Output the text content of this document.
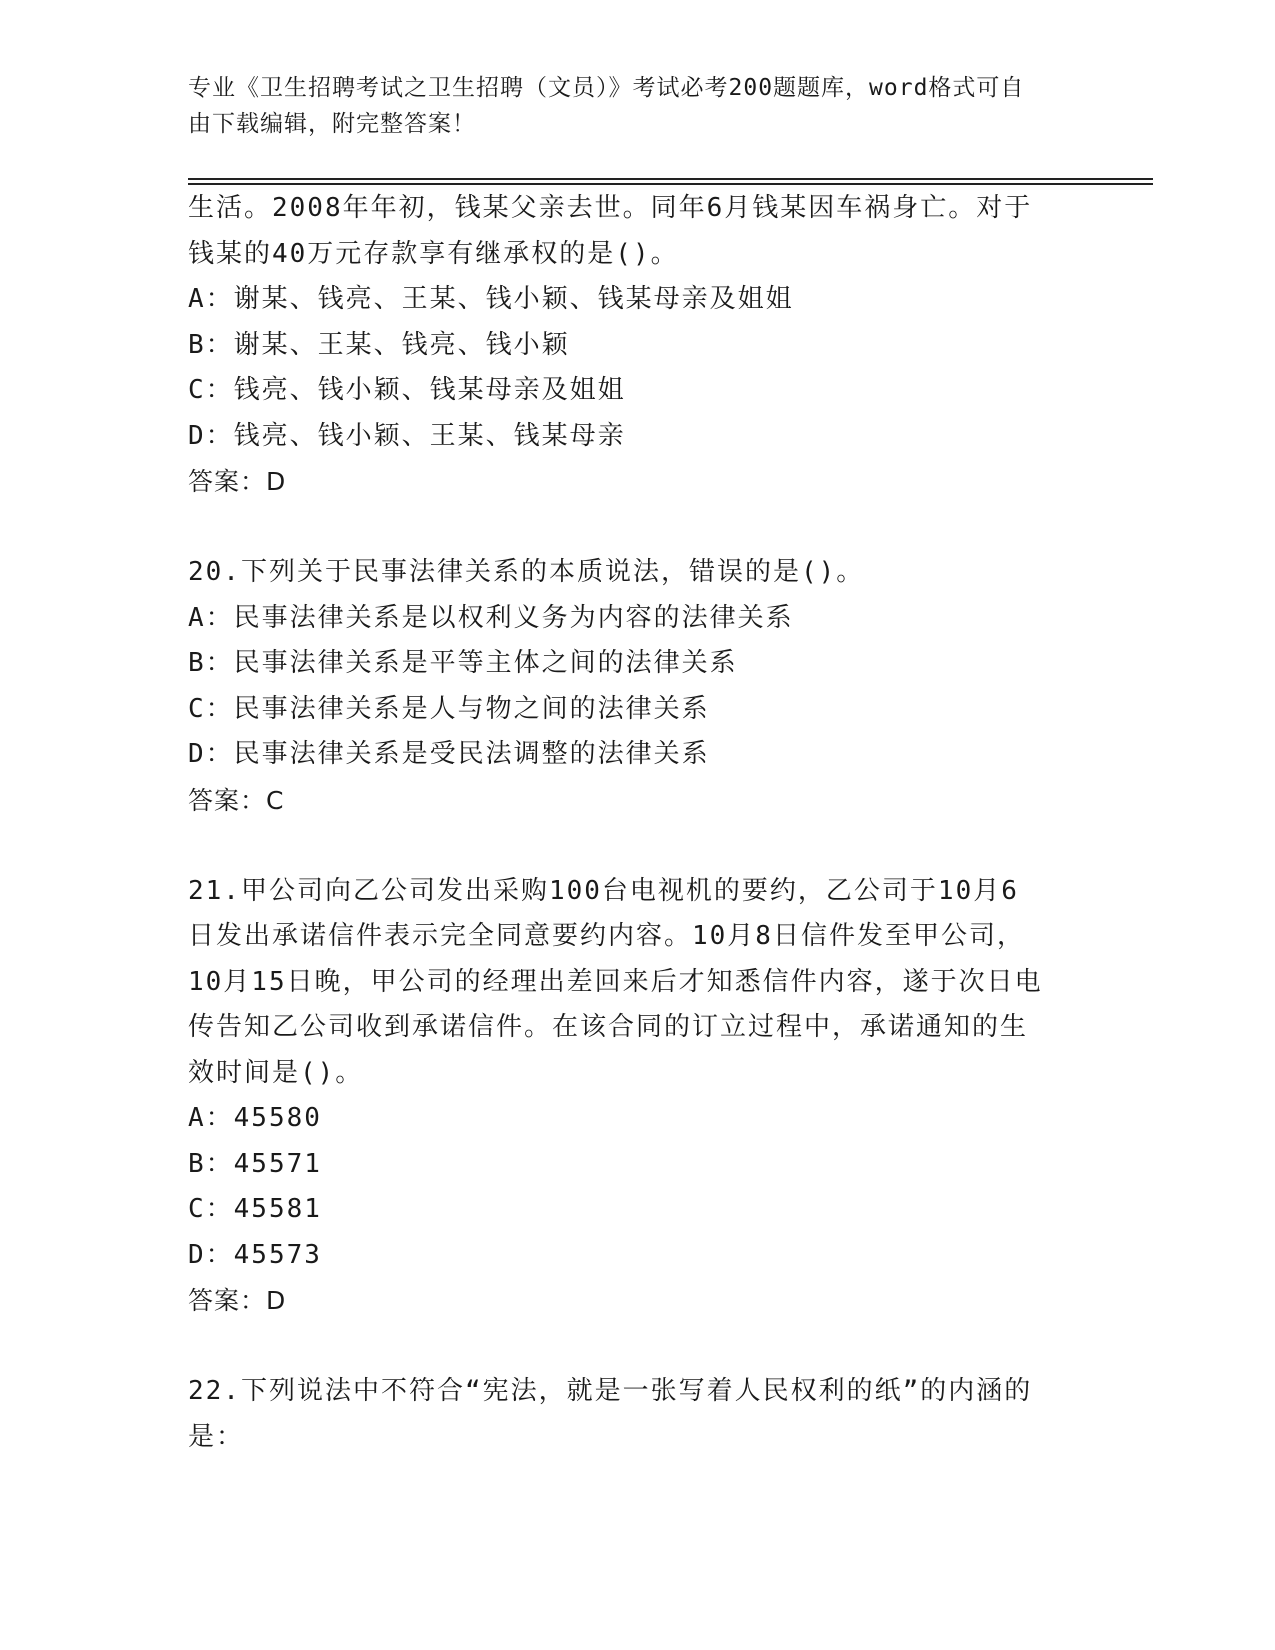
专业《卫生招聘考试之卫生招聘（文员）》考试必考200题题库，word格式可自
由下载编辑，附完整答案！
生活。2008年年初，钱某父亲去世。同年6月钱某因车祸身亡。对于
钱某的40万元存款享有继承权的是()。
A：谢某、钱亮、王某、钱小颖、钱某母亲及姐姐
B：谢某、王某、钱亮、钱小颖
C：钱亮、钱小颖、钱某母亲及姐姐
D：钱亮、钱小颖、王某、钱某母亲
答案：D
20.下列关于民事法律关系的本质说法，错误的是()。
A：民事法律关系是以权利义务为内容的法律关系
B：民事法律关系是平等主体之间的法律关系
C：民事法律关系是人与物之间的法律关系
D：民事法律关系是受民法调整的法律关系
答案：C
21.甲公司向乙公司发出采购100台电视机的要约，乙公司于10月6
日发出承诺信件表示完全同意要约内容。10月8日信件发至甲公司，
10月15日晚，甲公司的经理出差回来后才知悉信件内容，遂于次日电
传告知乙公司收到承诺信件。在该合同的订立过程中，承诺通知的生
效时间是()。
A：45580
B：45571
C：45581
D：45573
答案：D
22.下列说法中不符合“宪法，就是一张写着人民权利的纸”的内涵的
是：
